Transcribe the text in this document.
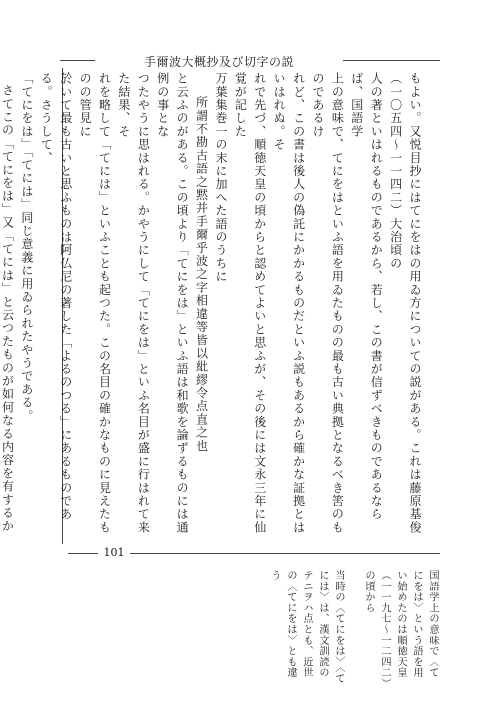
手爾波大概抄及び切字の説
101

もよい。又悦目抄にはてにをはの用ゐ方についての説がある。これは藤原基俊（一〇五四〜一一四二）大治頃の

人の著といはれるものであるから、若し、この書が信ずべきものであるならば、国語学

上の意味で、てにをはといふ語を用ゐたものの最も古い典拠となるべき筈のものであるけ

れど、この書は後人の偽託にかかるものだといふ説もあるから確かな証拠とはいはれぬ。そ

れで先づ、順徳天皇の頃からと認めてよいと思ふが、その後には文永三年に仙覚が記した

万葉集巻一の末に加へた語のうちに

所謂不勘古語之黙并手爾乎波之字相違等皆以紕繆令点直之也

と云ふのがある。この頃より「てにをは」といふ語は和歌を論ずるものには通例の事とな

つたやうに思はれる。かやうにして「てにをは」といふ名目が盛に行はれて来た結果、そ

れを略して「てには」といふことも起つた。この名目の確かなものに見えたものの管見に

於いて最も古いと思ふものは阿仏尼の著した「よるのつる」にあるものである。さうして、

「てにをは」「てには」同じ意義に用ゐられたやうである。

さてこの「てにをは」又「てには」と云つたものが如何なる内容を有するか

国語学上の意味で〈て にをは〉という語を用 い始めたのは順徳天皇 （一一九七〜一二四二）の頃から
当時の〈てにをは〉〈て には〉は、漢文訓読の テニヲハ点とも、近世 の〈てにをは〉とも違う
